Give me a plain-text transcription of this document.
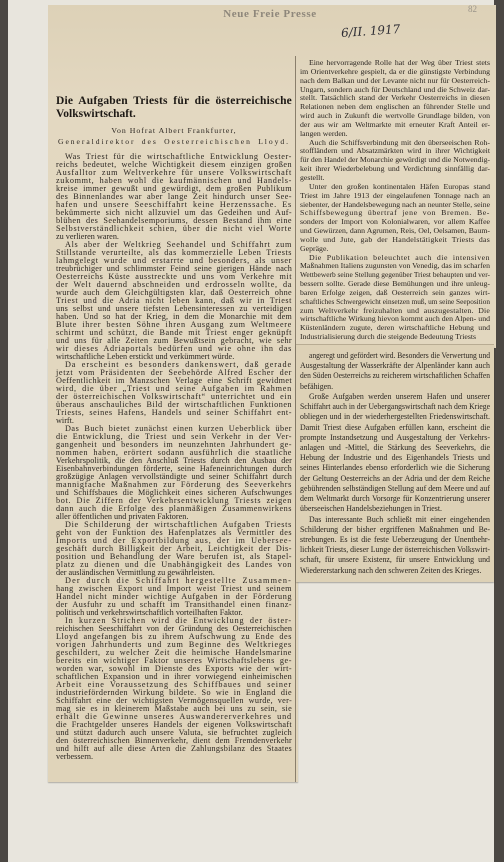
Neue Freie Presse
6/II. 1917
82
Die Aufgaben Triests für die österreichische
Volkswirtschaft.
Von Hofrat Albert Frankfurter,
Generaldirektor des Oesterreichischen Lloyd.
Was Triest für die wirtschaftliche Entwicklung Oester-
reichs bedeutet, welche Wichtigkeit diesem einzigen großen
Ausfalltor zum Weltverkehre für unsere Volkswirtschaft
zukommt, haben wohl die kaufmännischen und Handels-
kreise immer gewußt und gewürdigt, dem großen Publikum
des Binnenlandes war aber lange Zeit hindurch unser See-
hafen und unsere Seeschiffahrt keine Herzenssache. Es
bekümmerte sich nicht allzuviel um das Gedeihen und Auf-
blühen des Seehandelsemporiums, dessen Bestand ihm eine
Selbstverständlichkeit schien, über die nicht viel Worte
zu verlieren waren.
Als aber der Weltkrieg Seehandel und Schiffahrt zum
Stillstande verurteilte, als das kommerzielle Leben Triests
lahmgelegt wurde und erstarrte und besonders, als unser
treubrüchiger und schlimmster Feind seine gierigen Hände nach
Oesterreichs Küste ausstreckte und uns vom Verkehre mit
der Welt dauernd abschneiden und erdrosseln wollte, da
wurde auch dem Gleichgültigsten klar, daß Oesterreich ohne
Triest und die Adria nicht leben kann, daß wir in Triest
uns selbst und unsere tiefsten Lebensinteressen zu verteidigen
haben. Und so hat der Krieg, in dem die Monarchie mit dem
Blute ihrer besten Söhne ihren Ausgang zum Weltmeere
schirmt und schützt, die Bande mit Triest enger geknüpft
und uns für alle Zeiten zum Bewußtsein gebracht, wie sehr
wir dieses Adriaportals bedürfen und wie ohne ihn das
wirtschaftliche Leben erstickt und verkümmert würde.
Da erscheint es besonders dankenswert, daß gerade
jetzt vom Präsidenten der Seebehörde Alfred Escher der
Oeffentlichkeit im Manzschen Verlage eine Schrift gewidmet
wird, die über „Triest und seine Aufgaben im Rahmen
der österreichischen Volkswirtschaft“ unterrichtet und ein
überaus anschauliches Bild der wirtschaftlichen Funktionen
Triests, seines Hafens, Handels und seiner Schiffahrt ent-
wirft.
Das Buch bietet zunächst einen kurzen Ueberblick über
die Entwicklung, die Triest und sein Verkehr in der Ver-
gangenheit und besonders im neunzehnten Jahrhundert ge-
nommen haben, erörtert sodann ausführlich die staatliche
Verkehrspolitik, die den Anschluß Triests durch den Ausbau der
Eisenbahnverbindungen förderte, seine Hafeneinrichtungen durch
großzügige Anlagen vervollständigte und seiner Schiffahrt durch
mannigfache Maßnahmen zur Förderung des Seeverkehrs
und Schiffsbaues die Möglichkeit eines sicheren Aufschwunges
bot. Die Ziffern der Verkehrsentwicklung Triests zeigen
dann auch die Erfolge des planmäßigen Zusammenwirkens
aller öffentlichen und privaten Faktoren.
Die Schilderung der wirtschaftlichen Aufgaben Triests
geht von der Funktion des Hafenplatzes als Vermittler des
Imports und der Exportbildung aus, der im Uebersee-
geschäft durch Billigkeit der Arbeit, Leichtigkeit der Dis-
position und Behandlung der Ware berufen ist, als Stapel-
platz zu dienen und die Unabhängigkeit des Landes von
der ausländischen Vermittlung zu gewährleisten.
Der durch die Schiffahrt hergestellte Zusammen-
hang zwischen Export und Import weist Triest und seinem
Handel nicht minder wichtige Aufgaben in der Förderung
der Ausfuhr zu und schafft im Transithandel einen finanz-
politisch und verkehrswirtschaftlich vorteilhaften Faktor.
In kurzen Strichen wird die Entwicklung der öster-
reichischen Seeschiffahrt von der Gründung des Oesterreichischen
Lloyd angefangen bis zu ihrem Aufschwung zu Ende des
vorigen Jahrhunderts und zum Beginne des Weltkrieges
geschildert, zu welcher Zeit die heimische Handelsmarine
bereits ein wichtiger Faktor unseres Wirtschaftslebens ge-
worden war, sowohl im Dienste des Exports wie der wirt-
schaftlichen Expansion und in ihrer vorwiegend einheimischen
Arbeit eine Voraussetzung des Schiffbaues und seiner
industriefördernden Wirkung bildete. So wie in England die
Schiffahrt eine der wichtigsten Vermögensquellen wurde, ver-
mag sie es in kleinerem Maßstabe auch bei uns zu sein, sie
erhält die Gewinne unseres Auswandererverkehres und
die Frachtgelder unseres Handels der eigenen Volkswirtschaft
und stützt dadurch auch unsere Valuta, sie befruchtet zugleich
den österreichischen Binnenverkehr, dient dem Fremdenverkehr
und hilft auf alle diese Arten die Zahlungsbilanz des Staates
verbessern.
Eine hervorragende Rolle hat der Weg über Triest stets
im Orientverkehre gespielt, da er die günstigste Verbindung
nach dem Balkan und der Levante nicht nur für Oesterreich-
Ungarn, sondern auch für Deutschland und die Schweiz dar-
stellt. Tatsächlich stand der Verkehr Oesterreichs in diesen
Relationen neben dem englischen an führender Stelle und
wird auch in Zukunft die wertvolle Grundlage bilden, von
der aus wir am Weltmarkte mit erneuter Kraft Anteil er-
langen werden.
Auch die Schiffsverbindung mit den überseeischen Roh-
stoffländern und Absatzmärkten wird in ihrer Wichtigkeit
für den Handel der Monarchie gewürdigt und die Notwendig-
keit ihrer Wiederbelebung und Verdichtung sinnfällig dar-
gestellt.
Unter den großen kontinentalen Häfen Europas stand
Triest im Jahre 1913 der eingelaufenen Tonnage nach an
siebenter, der Handelsbewegung nach an neunter Stelle, seine
Schiffsbewegung übertraf jene von Bremen. Be-
sonders der Import von Kolonialwaren, vor allem Kaffee
und Gewürzen, dann Agrumen, Reis, Oel, Oelsamen, Baum-
wolle und Jute, gab der Handelstätigkeit Triests das
Gepräge.
Die Publikation beleuchtet auch die intensiven
Maßnahmen Italiens zugunsten von Venedig, das im scharfen
Wettbewerb seine Stellung gegenüber Triest behaupten und ver-
bessern sollte. Gerade diese Bemühungen und ihre unleug-
baren Erfolge zeigen, daß Oesterreich sein ganzes wirt-
schaftliches Schwergewicht einsetzen muß, um seine Seeposition
zum Weltverkehr freizuhalten und auszugestalten. Die
wirtschaftliche Wirkung hievon kommt auch den Alpen- und
Küstenländern zugute, deren wirtschaftliche Hebung und
Industrialisierung durch die steigende Bedeutung Triests
angeregt und gefördert wird. Besonders die Verwertung und
Ausgestaltung der Wasserkräfte der Alpenländer kann auch
den Süden Oesterreichs zu reicherem wirtschaftlichen Schaffen
befähigen.
Große Aufgaben werden unserem Hafen und unserer
Schiffahrt auch in der Uebergangswirtschaft nach dem Kriege
obliegen und in der wiederhergestellten Friedenswirtschaft.
Damit Triest diese Aufgaben erfüllen kann, erscheint die
prompte Instandsetzung und Ausgestaltung der Verkehrs-
anlagen und -Mittel, die Stärkung des Seeverkehrs, die
Hebung der Industrie und des Eigenhandels Triests und
seines Hinterlandes ebenso erforderlich wie die Sicherung
der Geltung Oesterreichs an der Adria und der dem Reiche
gebührenden selbständigen Stellung auf dem Meere und auf
dem Weltmarkt durch Vorsorge für Konzentrierung unserer
überseeischen Handelsbeziehungen in Triest.
Das interessante Buch schließt mit einer eingehenden
Schilderung der bisher ergriffenen Maßnahmen und Be-
strebungen. Es ist die feste Ueberzeugung der Unentbehr-
lichkeit Triests, dieser Lunge der österreichischen Volkswirt-
schaft, für unsere Existenz, für unsere Entwicklung und
Wiedererstarkung nach den schweren Zeiten des Krieges.
